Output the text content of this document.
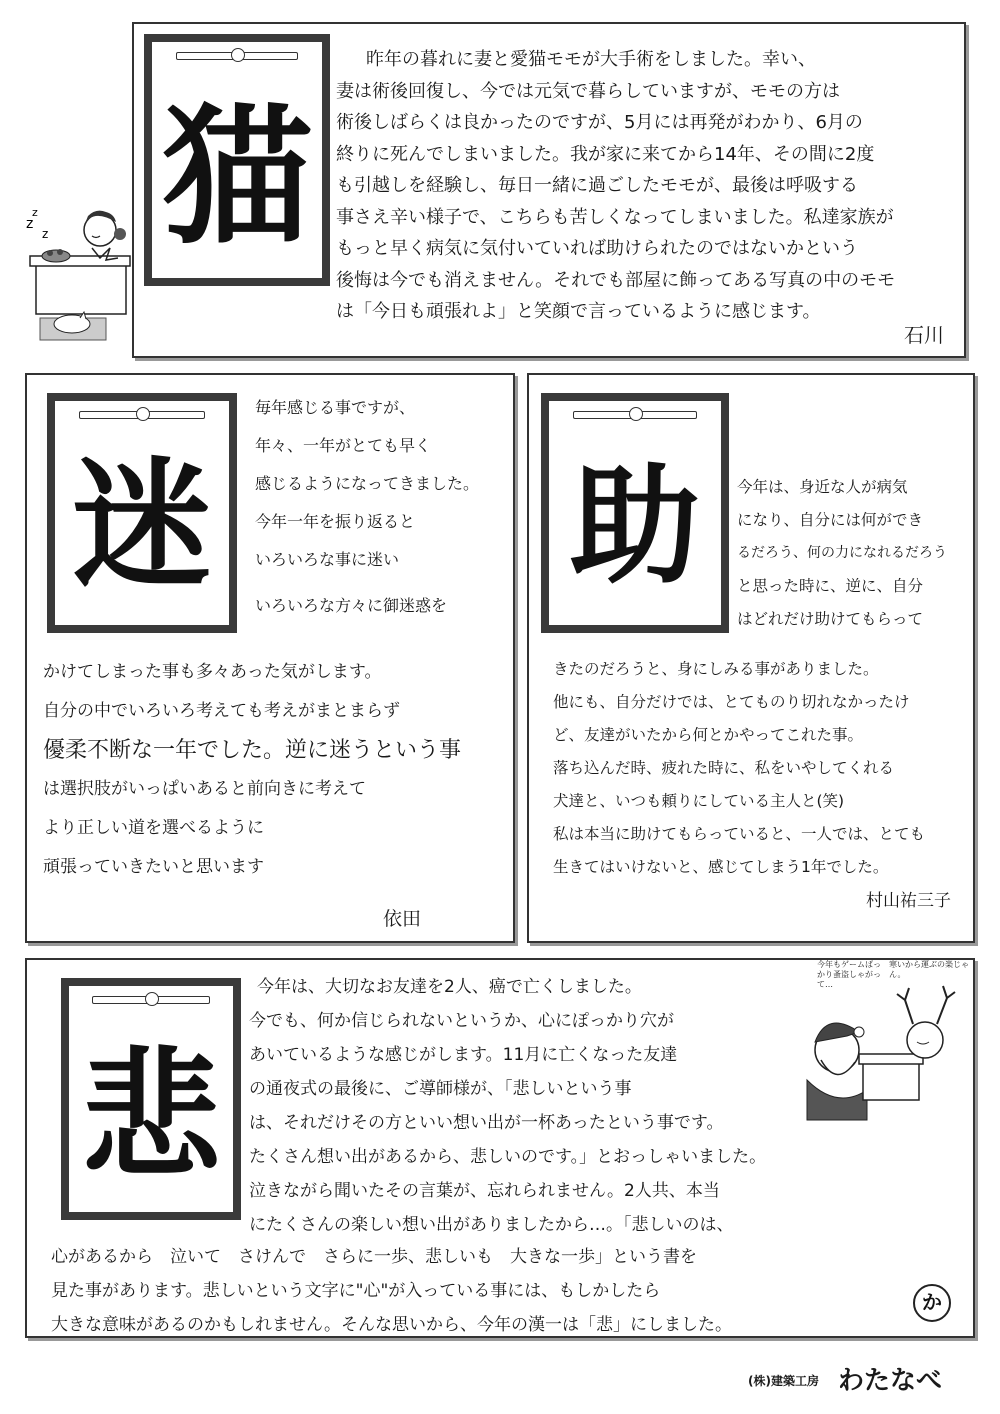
猫
昨年の暮れに妻と愛猫モモが大手術をしました。幸い、
妻は術後回復し、今では元気で暮らしていますが、モモの方は
術後しばらくは良かったのですが、5月には再発がわかり、6月の
終りに死んでしまいました。我が家に来てから14年、その間に2度
も引越しを経験し、毎日一緒に過ごしたモモが、最後は呼吸する
事さえ辛い様子で、こちらも苦しくなってしまいました。私達家族が
もっと早く病気に気付いていれば助けられたのではないかという
後悔は今でも消えません。それでも部屋に飾ってある写真の中のモモ
は「今日も頑張れよ」と笑顔で言っているように感じます。
石川
z
z
z
迷
毎年感じる事ですが、
年々、一年がとても早く
感じるようになってきました。
今年一年を振り返ると
いろいろな事に迷い
いろいろな方々に御迷惑を
かけてしまった事も多々あった気がします。
自分の中でいろいろ考えても考えがまとまらず
優柔不断な一年でした。逆に迷うという事
は選択肢がいっぱいあると前向きに考えて
より正しい道を選べるように
頑張っていきたいと思います
依田
助	今年は、身近な人が病気
になり、自分には何ができ
るだろう、何の力になれるだろう
と思った時に、逆に、自分
はどれだけ助けてもらって
きたのだろうと、身にしみる事がありました。
他にも、自分だけでは、とてものり切れなかったけ
ど、友達がいたから何とかやってこれた事。
落ち込んだ時、疲れた時に、私をいやしてくれる
犬達と、いつも頼りにしている主人と(笑)
私は本当に助けてもらっていると、一人では、とても
生きてはいけないと、感じてしまう1年でした。
村山祐三子
悲
今年は、大切なお友達を2人、癌で亡くしました。
今でも、何か信じられないというか、心にぽっかり穴が
あいているような感じがします。11月に亡くなった友達
の通夜式の最後に、ご導師様が、「悲しいという事
は、それだけその方といい想い出が一杯あったという事です。
たくさん想い出があるから、悲しいのです。」とおっしゃいました。
泣きながら聞いたその言葉が、忘れられません。2人共、本当
にたくさんの楽しい想い出がありましたから…。「悲しいのは、
心があるから　泣いて　さけんで　さらに一歩、悲しいも　大きな一歩」という書を
見た事があります。悲しいという文字に"心"が入っている事には、もしかしたら
大きな意味があるのかもしれません。そんな思いから、今年の漢一は「悲」にしました。
今年もゲームばっかり蚤盗しゃがって…
寒いから運ぶの楽じゃん。
か
(株)建築工房 わたなべ
